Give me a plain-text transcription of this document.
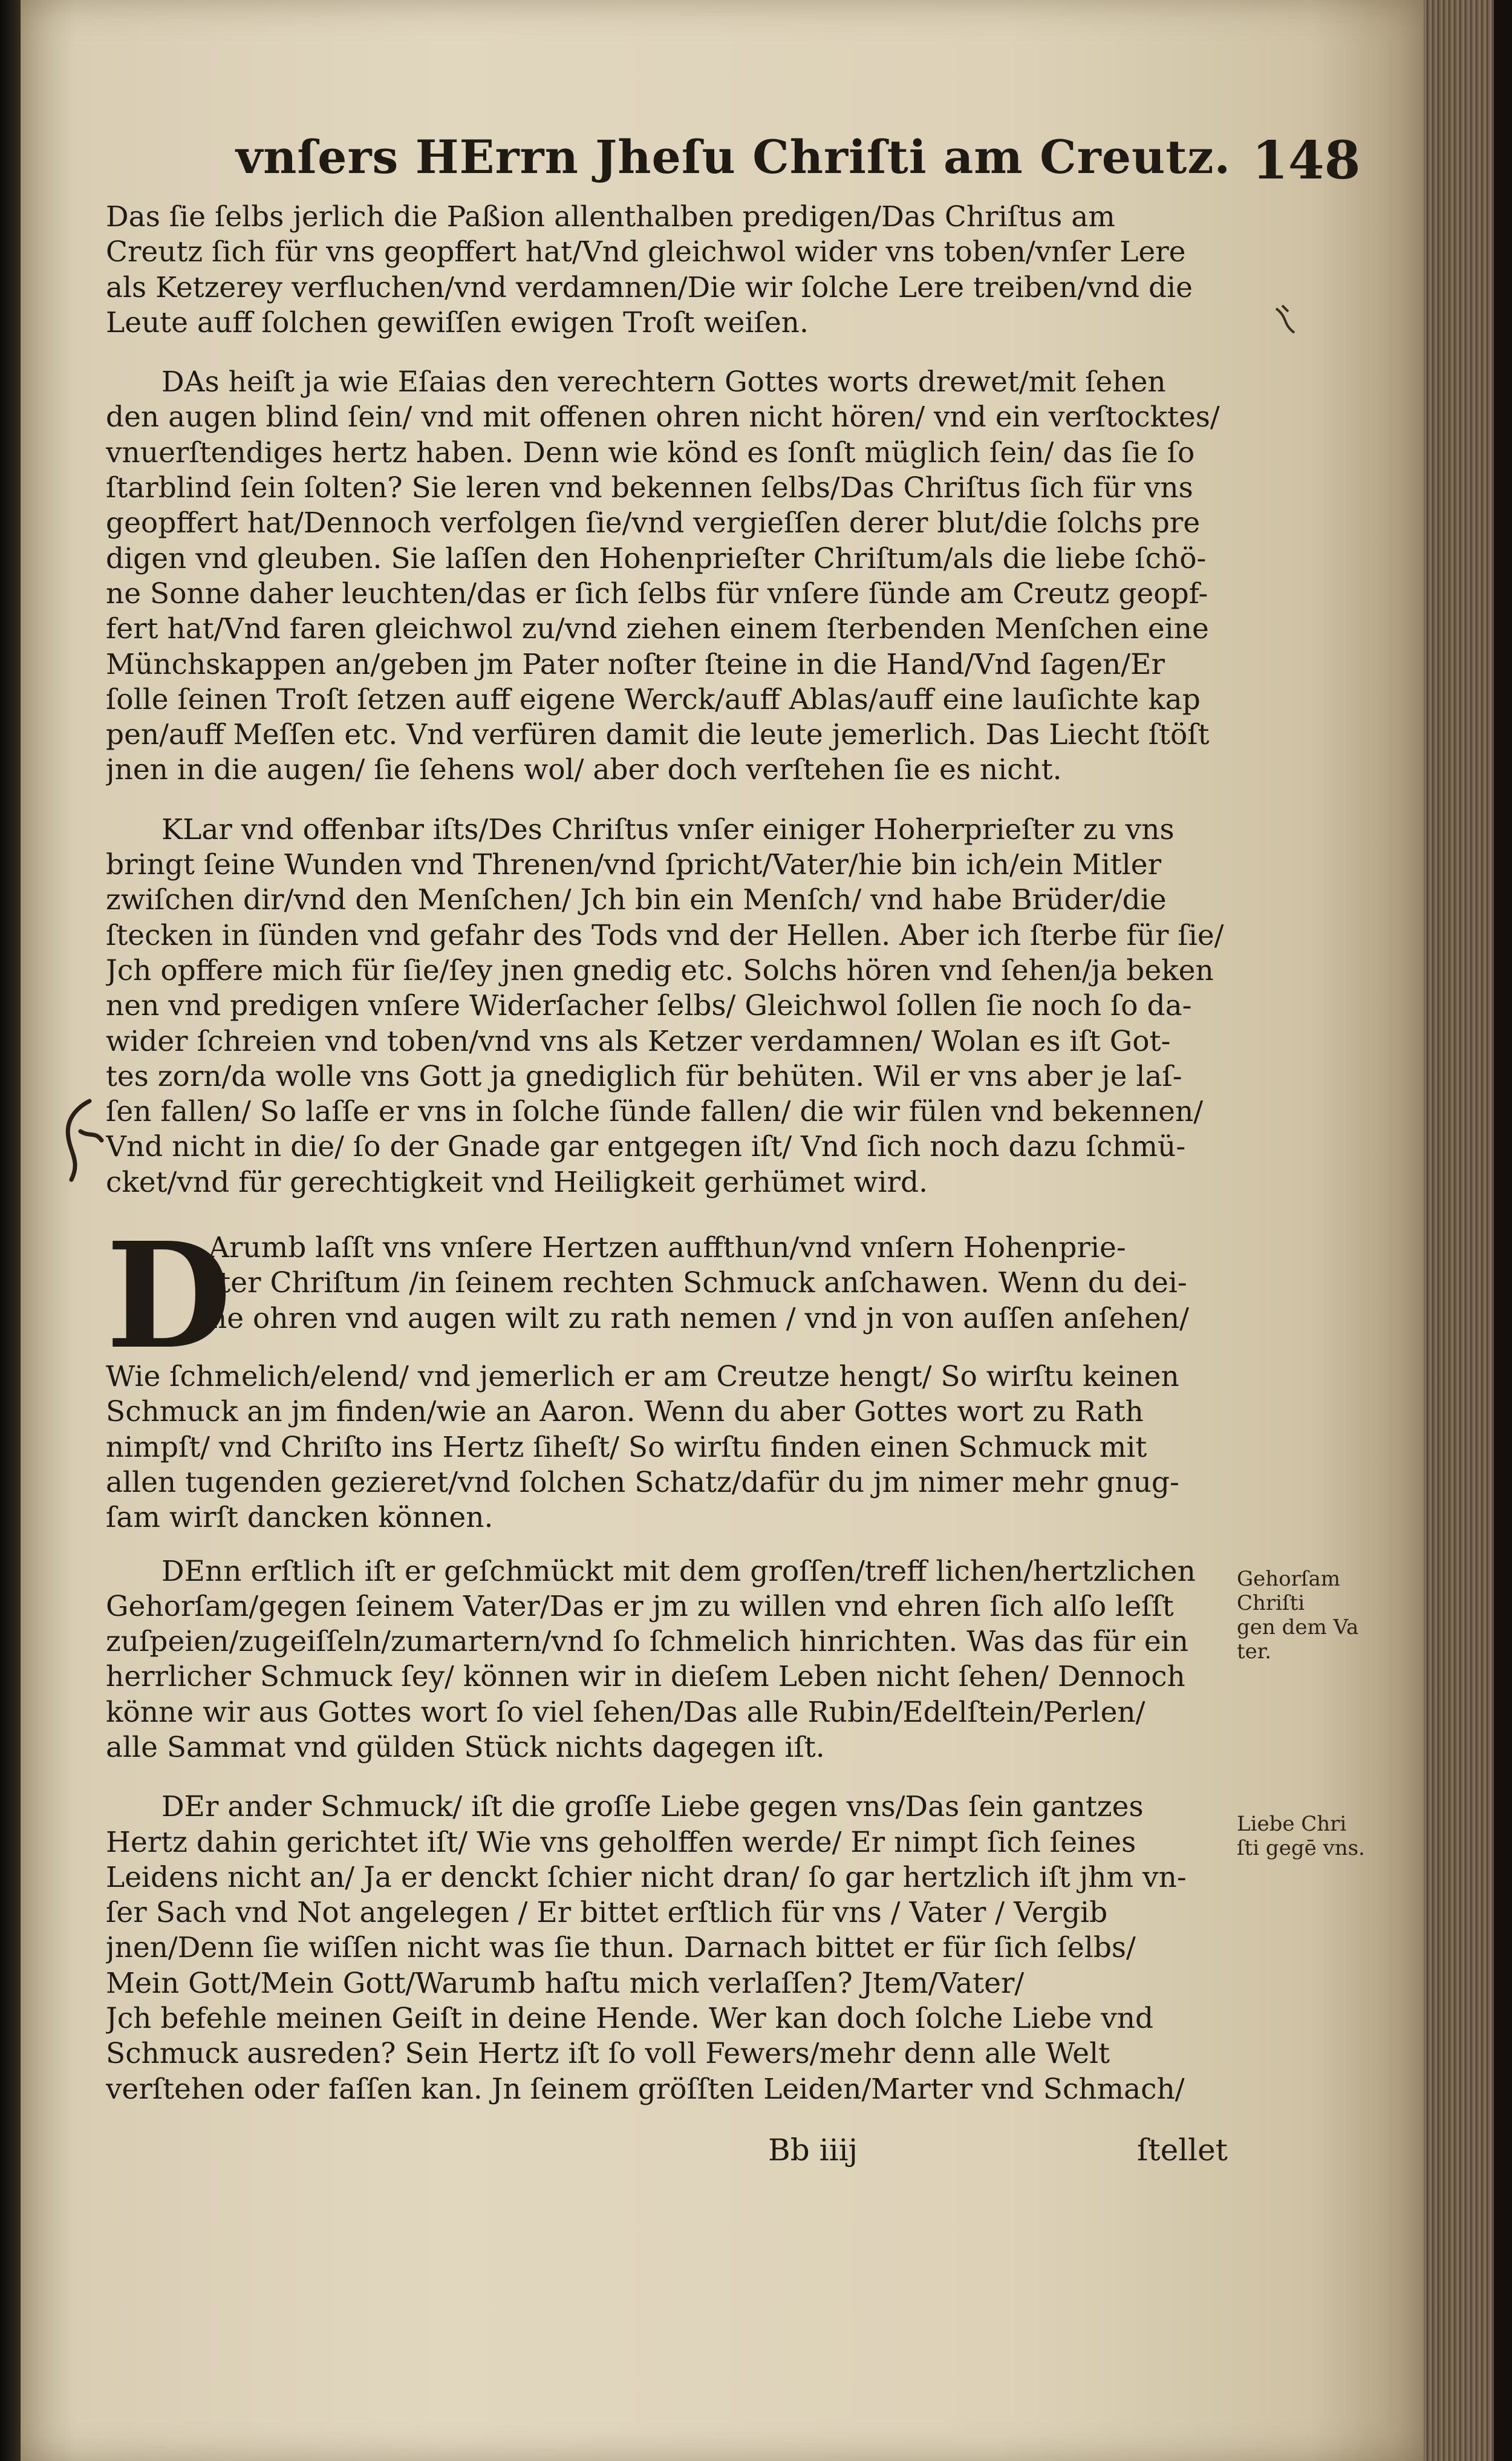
vnſers HErrn Jheſu Chriſti am Creutz. 148

Das ſie ſelbs jerlich die Paßion allenthalben predigen/Das Chriſtus am
Creutz ſich für vns geopffert hat/Vnd gleichwol wider vns toben/vnſer Lere
als Ketzerey verfluchen/vnd verdamnen/Die wir ſolche Lere treiben/vnd die
Leute auff ſolchen gewiſſen ewigen Troſt weiſen.

DAs heiſt ja wie Eſaias den verechtern Gottes worts drewet/mit ſehen
den augen blind ſein/ vnd mit offenen ohren nicht hören/ vnd ein verſtocktes/
vnuerſtendiges hertz haben. Denn wie könd es ſonſt müglich ſein/ das ſie ſo
ſtarblind ſein ſolten? Sie leren vnd bekennen ſelbs/Das Chriſtus ſich für vns
geopffert hat/Dennoch verfolgen ſie/vnd vergieſſen derer blut/die ſolchs pre
digen vnd gleuben. Sie laſſen den Hohenprieſter Chriſtum/als die liebe ſchö-
ne Sonne daher leuchten/das er ſich ſelbs für vnſere ſünde am Creutz geopf-
fert hat/Vnd faren gleichwol zu/vnd ziehen einem ſterbenden Menſchen eine
Münchskappen an/geben jm Pater noſter ſteine in die Hand/Vnd ſagen/Er
ſolle ſeinen Troſt ſetzen auff eigene Werck/auff Ablas/auff eine lauſichte kap
pen/auff Meſſen etc. Vnd verfüren damit die leute jemerlich. Das Liecht ſtöſt
jnen in die augen/ ſie ſehens wol/ aber doch verſtehen ſie es nicht.

KLar vnd offenbar iſts/Des Chriſtus vnſer einiger Hoherprieſter zu vns
bringt ſeine Wunden vnd Threnen/vnd ſpricht/Vater/hie bin ich/ein Mitler
zwiſchen dir/vnd den Menſchen/ Jch bin ein Menſch/ vnd habe Brüder/die
ſtecken in ſünden vnd gefahr des Tods vnd der Hellen. Aber ich ſterbe für ſie/
Jch opffere mich für ſie/ſey jnen gnedig etc. Solchs hören vnd ſehen/ja beken
nen vnd predigen vnſere Widerſacher ſelbs/ Gleichwol ſollen ſie noch ſo da-
wider ſchreien vnd toben/vnd vns als Ketzer verdamnen/ Wolan es iſt Got-
tes zorn/da wolle vns Gott ja gnediglich für behüten. Wil er vns aber je laſ-
ſen fallen/ So laſſe er vns in ſolche ſünde fallen/ die wir fülen vnd bekennen/
Vnd nicht in die/ ſo der Gnade gar entgegen iſt/ Vnd ſich noch dazu ſchmü-
cket/vnd für gerechtigkeit vnd Heiligkeit gerhümet wird.

D
Arumb laſſt vns vnſere Hertzen auffthun/vnd vnſern Hohenprie-
ſter Chriſtum /in ſeinem rechten Schmuck anſchawen. Wenn du dei-
ne ohren vnd augen wilt zu rath nemen / vnd jn von auſſen anſehen/
Wie ſchmelich/elend/ vnd jemerlich er am Creutze hengt/ So wirſtu keinen
Schmuck an jm finden/wie an Aaron. Wenn du aber Gottes wort zu Rath
nimpſt/ vnd Chriſto ins Hertz ſiheſt/ So wirſtu finden einen Schmuck mit
allen tugenden gezieret/vnd ſolchen Schatz/dafür du jm nimer mehr gnug-
ſam wirſt dancken können.

DEnn erſtlich iſt er geſchmückt mit dem groſſen/treff lichen/hertzlichen
Gehorſam/gegen ſeinem Vater/Das er jm zu willen vnd ehren ſich alſo leſſt
zuſpeien/zugeiſſeln/zumartern/vnd ſo ſchmelich hinrichten. Was das für ein
herrlicher Schmuck ſey/ können wir in dieſem Leben nicht ſehen/ Dennoch
könne wir aus Gottes wort ſo viel ſehen/Das alle Rubin/Edelſtein/Perlen/
alle Sammat vnd gülden Stück nichts dagegen iſt.

DEr ander Schmuck/ iſt die groſſe Liebe gegen vns/Das ſein gantzes
Hertz dahin gerichtet iſt/ Wie vns geholffen werde/ Er nimpt ſich ſeines
Leidens nicht an/ Ja er denckt ſchier nicht dran/ ſo gar hertzlich iſt jhm vn-
ſer Sach vnd Not angelegen / Er bittet erſtlich für vns / Vater / Vergib
jnen/Denn ſie wiſſen nicht was ſie thun. Darnach bittet er für ſich ſelbs/
Mein Gott/Mein Gott/Warumb haſtu mich verlaſſen? Jtem/Vater/
Jch befehle meinen Geiſt in deine Hende. Wer kan doch ſolche Liebe vnd
Schmuck ausreden? Sein Hertz iſt ſo voll Fewers/mehr denn alle Welt
verſtehen oder faſſen kan. Jn ſeinem gröſſten Leiden/Marter vnd Schmach/

Gehorſam
Chriſti
gen dem Va
ter.
Liebe Chri
ſti gegē vns.
Bb iiij	ſtellet
